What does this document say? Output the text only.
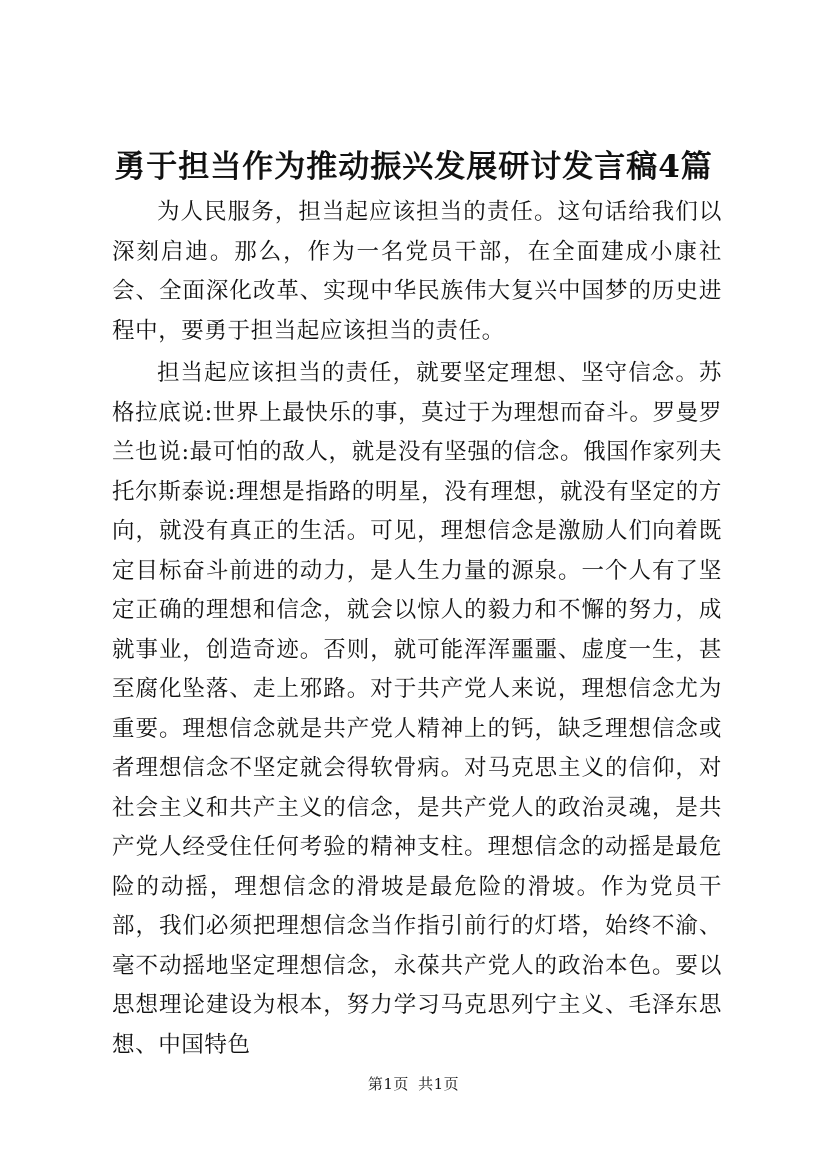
勇于担当作为推动振兴发展研讨发言稿4篇

为人民服务，担当起应该担当的责任。这句话给我们以深刻启迪。那么，作为一名党员干部，在全面建成小康社会、全面深化改革、实现中华民族伟大复兴中国梦的历史进程中，要勇于担当起应该担当的责任。

担当起应该担当的责任，就要坚定理想、坚守信念。苏格拉底说:世界上最快乐的事，莫过于为理想而奋斗。罗曼罗兰也说:最可怕的敌人，就是没有坚强的信念。俄国作家列夫托尔斯泰说:理想是指路的明星，没有理想，就没有坚定的方向，就没有真正的生活。可见，理想信念是激励人们向着既定目标奋斗前进的动力，是人生力量的源泉。一个人有了坚定正确的理想和信念，就会以惊人的毅力和不懈的努力，成就事业，创造奇迹。否则，就可能浑浑噩噩、虚度一生，甚至腐化坠落、走上邪路。对于共产党人来说，理想信念尤为重要。理想信念就是共产党人精神上的钙，缺乏理想信念或者理想信念不坚定就会得软骨病。对马克思主义的信仰，对社会主义和共产主义的信念，是共产党人的政治灵魂，是共产党人经受住任何考验的精神支柱。理想信念的动摇是最危险的动摇，理想信念的滑坡是最危险的滑坡。作为党员干部，我们必须把理想信念当作指引前行的灯塔，始终不渝、毫不动摇地坚定理想信念，永葆共产党人的政治本色。要以思想理论建设为根本，努力学习马克思列宁主义、毛泽东思想、中国特色

第1页 共1页
